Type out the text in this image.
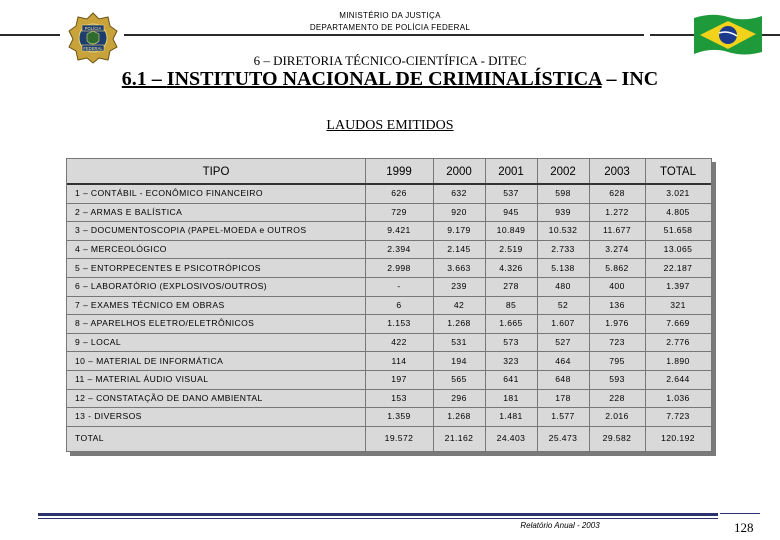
POLÍCIA
FEDERAL
MINISTÉRIO DA JUSTIÇA
DEPARTAMENTO DE POLÍCIA FEDERAL
6 – DIRETORIA TÉCNICO-CIENTÍFICA - DITEC
6.1 – INSTITUTO NACIONAL DE CRIMINALÍSTICA – INC
LAUDOS EMITIDOS
TIPO	1999	2000	2001	2002	2003	TOTAL
1 – CONTÁBIL - ECONÔMICO FINANCEIRO	626	632	537	598	628	3.021
2 – ARMAS E BALÍSTICA	729	920	945	939	1.272	4.805
3 – DOCUMENTOSCOPIA (PAPEL-MOEDA e OUTROS	9.421	9.179	10.849	10.532	11.677	51.658
4 – MERCEOLÓGICO	2.394	2.145	2.519	2.733	3.274	13.065
5 – ENTORPECENTES E PSICOTRÓPICOS	2.998	3.663	4.326	5.138	5.862	22.187
6 – LABORATÓRIO (EXPLOSIVOS/OUTROS)	-	239	278	480	400	1.397
7 – EXAMES TÉCNICO EM OBRAS	6	42	85	52	136	321
8 – APARELHOS ELETRO/ELETRÔNICOS	1.153	1.268	1.665	1.607	1.976	7.669
9 – LOCAL	422	531	573	527	723	2.776
10 – MATERIAL DE INFORMÁTICA	114	194	323	464	795	1.890
11 – MATERIAL ÁUDIO VISUAL	197	565	641	648	593	2.644
12 – CONSTATAÇÃO DE DANO AMBIENTAL	153	296	181	178	228	1.036
13 - DIVERSOS	1.359	1.268	1.481	1.577	2.016	7.723
TOTAL	19.572	21.162	24.403	25.473	29.582	120.192
Relatório Anual - 2003	128
